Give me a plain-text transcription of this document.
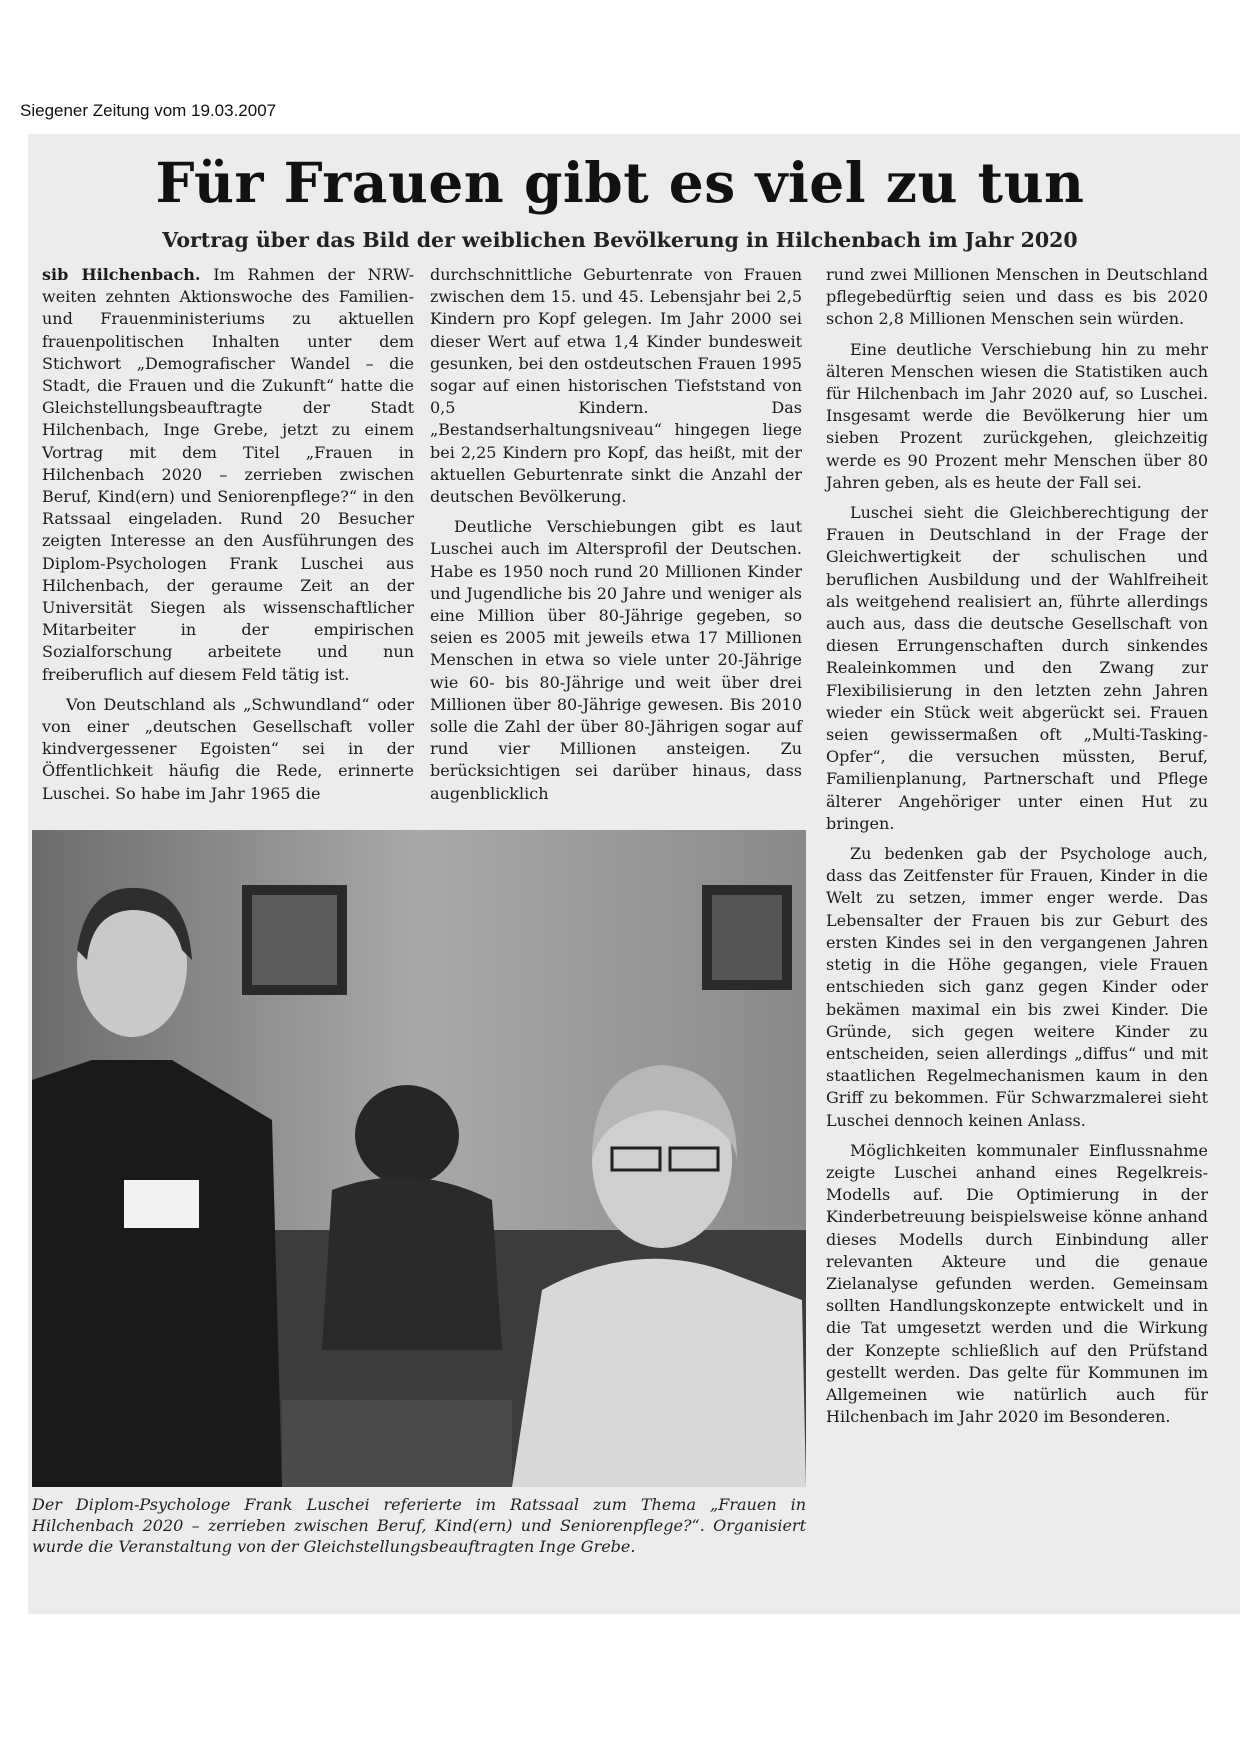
Siegener Zeitung vom 19.03.2007
Für Frauen gibt es viel zu tun
Vortrag über das Bild der weiblichen Bevölkerung in Hilchenbach im Jahr 2020

sib Hilchenbach. Im Rahmen der NRW-weiten zehnten Aktionswoche des Familien- und Frauenministeriums zu aktuellen frauenpolitischen Inhalten unter dem Stichwort „Demografischer Wandel – die Stadt, die Frauen und die Zukunft“ hatte die Gleichstellungsbeauftragte der Stadt Hilchenbach, Inge Grebe, jetzt zu einem Vortrag mit dem Titel „Frauen in Hilchenbach 2020 – zerrieben zwischen Beruf, Kind(ern) und Seniorenpflege?“ in den Ratssaal eingeladen. Rund 20 Besucher zeigten Interesse an den Ausführungen des Diplom-Psychologen Frank Luschei aus Hilchenbach, der geraume Zeit an der Universität Siegen als wissenschaftlicher Mitarbeiter in der empirischen Sozialforschung arbeitete und nun freiberuflich auf diesem Feld tätig ist.

Von Deutschland als „Schwundland“ oder von einer „deutschen Gesellschaft voller kindvergessener Egoisten“ sei in der Öffentlichkeit häufig die Rede, erinnerte Luschei. So habe im Jahr 1965 die

durchschnittliche Geburtenrate von Frauen zwischen dem 15. und 45. Lebensjahr bei 2,5 Kindern pro Kopf gelegen. Im Jahr 2000 sei dieser Wert auf etwa 1,4 Kinder bundesweit gesunken, bei den ostdeutschen Frauen 1995 sogar auf einen historischen Tiefststand von 0,5 Kindern. Das „Bestandserhaltungsniveau“ hingegen liege bei 2,25 Kindern pro Kopf, das heißt, mit der aktuellen Geburtenrate sinkt die Anzahl der deutschen Bevölkerung.

Deutliche Verschiebungen gibt es laut Luschei auch im Altersprofil der Deutschen. Habe es 1950 noch rund 20 Millionen Kinder und Jugendliche bis 20 Jahre und weniger als eine Million über 80-Jährige gegeben, so seien es 2005 mit jeweils etwa 17 Millionen Menschen in etwa so viele unter 20-Jährige wie 60- bis 80-Jährige und weit über drei Millionen über 80-Jährige gewesen. Bis 2010 solle die Zahl der über 80-Jährigen sogar auf rund vier Millionen ansteigen. Zu berücksichtigen sei darüber hinaus, dass augenblicklich

rund zwei Millionen Menschen in Deutschland pflegebedürftig seien und dass es bis 2020 schon 2,8 Millionen Menschen sein würden.

Eine deutliche Verschiebung hin zu mehr älteren Menschen wiesen die Statistiken auch für Hilchenbach im Jahr 2020 auf, so Luschei. Insgesamt werde die Bevölkerung hier um sieben Prozent zurückgehen, gleichzeitig werde es 90 Prozent mehr Menschen über 80 Jahren geben, als es heute der Fall sei.

Luschei sieht die Gleichberechtigung der Frauen in Deutschland in der Frage der Gleichwertigkeit der schulischen und beruflichen Ausbildung und der Wahlfreiheit als weitgehend realisiert an, führte allerdings auch aus, dass die deutsche Gesellschaft von diesen Errungenschaften durch sinkendes Realeinkommen und den Zwang zur Flexibilisierung in den letzten zehn Jahren wieder ein Stück weit abgerückt sei. Frauen seien gewissermaßen oft „Multi-Tasking-Opfer“, die versuchen müssten, Beruf, Familienplanung, Partnerschaft und Pflege älterer Angehöriger unter einen Hut zu bringen.

Zu bedenken gab der Psychologe auch, dass das Zeitfenster für Frauen, Kinder in die Welt zu setzen, immer enger werde. Das Lebensalter der Frauen bis zur Geburt des ersten Kindes sei in den vergangenen Jahren stetig in die Höhe gegangen, viele Frauen entschieden sich ganz gegen Kinder oder bekämen maximal ein bis zwei Kinder. Die Gründe, sich gegen weitere Kinder zu entscheiden, seien allerdings „diffus“ und mit staatlichen Regelmechanismen kaum in den Griff zu bekommen. Für Schwarzmalerei sieht Luschei dennoch keinen Anlass.

Möglichkeiten kommunaler Einflussnahme zeigte Luschei anhand eines Regelkreis-Modells auf. Die Optimierung in der Kinderbetreuung beispielsweise könne anhand dieses Modells durch Einbindung aller relevanten Akteure und die genaue Zielanalyse gefunden werden. Gemeinsam sollten Handlungskonzepte entwickelt und in die Tat umgesetzt werden und die Wirkung der Konzepte schließlich auf den Prüfstand gestellt werden. Das gelte für Kommunen im Allgemeinen wie natürlich auch für Hilchenbach im Jahr 2020 im Besonderen.

Der Diplom-Psychologe Frank Luschei referierte im Ratssaal zum Thema „Frauen in Hilchenbach 2020 – zerrieben zwischen Beruf, Kind(ern) und Seniorenpflege?“. Organisiert wurde die Veranstaltung von der Gleichstellungsbeauftragten Inge Grebe.
